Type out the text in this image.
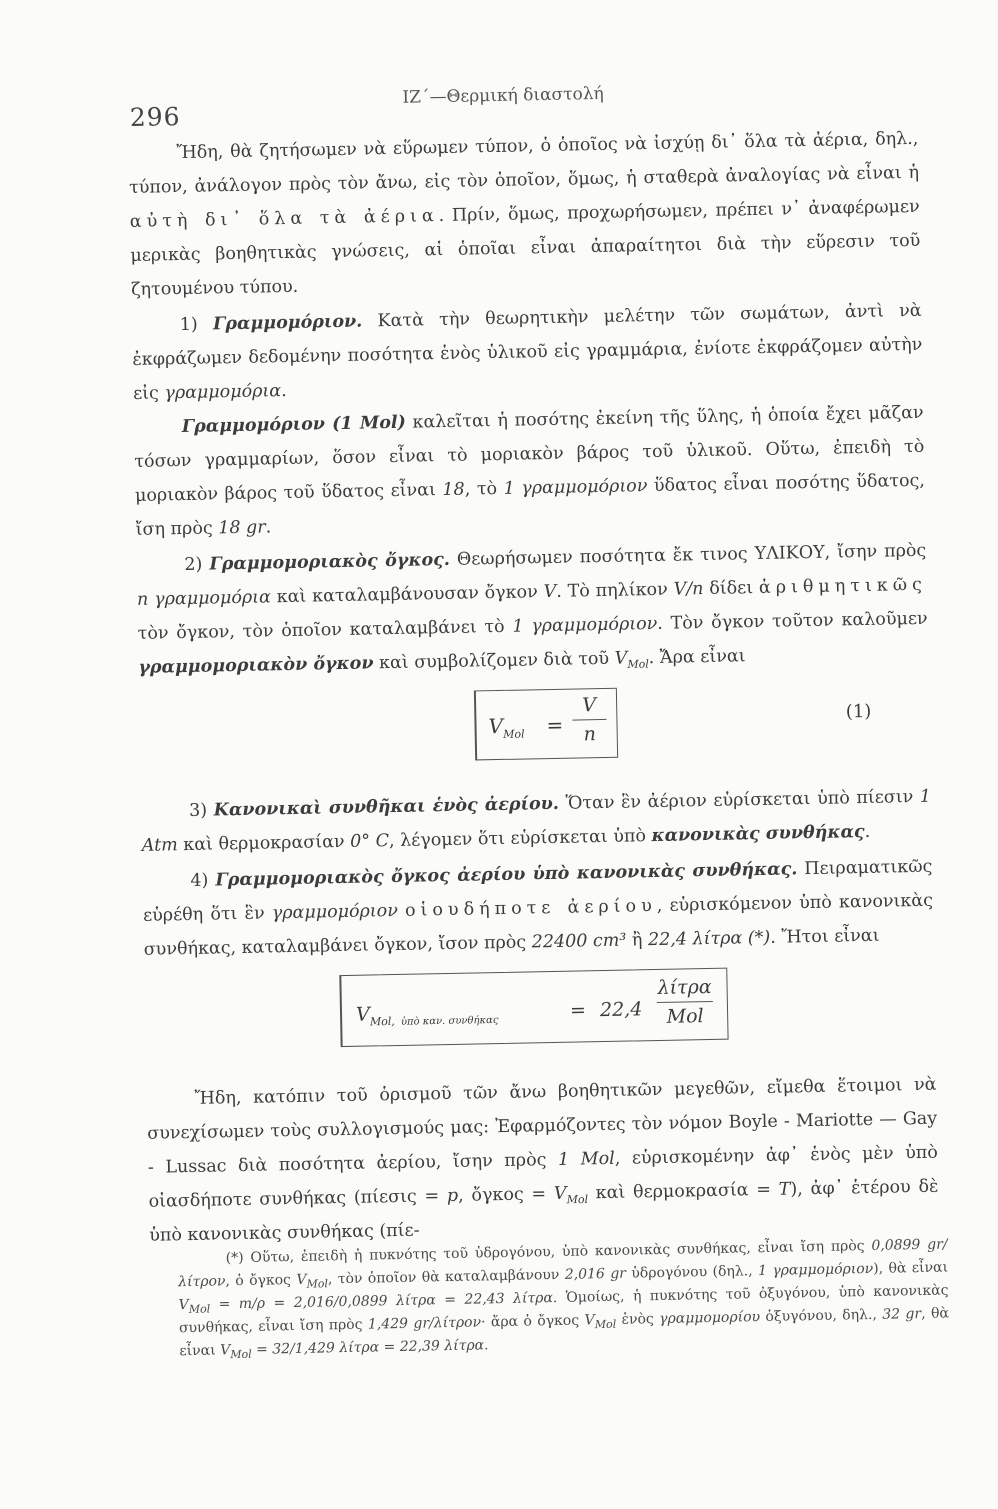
296
ΙΖ΄—Θερμική διαστολή

Ἤδη, θὰ ζητήσωμεν νὰ εὕρωμεν τύπον, ὁ ὁποῖος νὰ ἰσχύῃ δι᾿ ὅλα τὰ ἀέρια, δηλ., τύπον, ἀνάλογον πρὸς τὸν ἄνω, εἰς τὸν ὁποῖον, ὅμως, ἡ σταθερὰ ἀναλογίας νὰ εἶναι ἡ αὐτὴ δι᾿ ὅλα τὰ ἀέρια. Πρίν, ὅμως, προχωρήσωμεν, πρέπει ν᾿ ἀναφέρωμεν μερικὰς βοηθητικὰς γνώσεις, αἱ ὁποῖαι εἶναι ἀπαραίτητοι διὰ τὴν εὕρεσιν τοῦ ζητουμένου τύπου.

1) Γραμμομόριον. Κατὰ τὴν θεωρητικὴν μελέτην τῶν σωμάτων, ἀντὶ νὰ ἐκφράζωμεν δεδομένην ποσότητα ἑνὸς ὑλικοῦ εἰς γραμμάρια, ἐνίοτε ἐκφράζομεν αὐτὴν εἰς γραμμομόρια.

Γραμμομόριον (1 Mol) καλεῖται ἡ ποσότης ἐκείνη τῆς ὕλης, ἡ ὁποία ἔχει μᾶζαν τόσων γραμμαρίων, ὅσον εἶναι τὸ μοριακὸν βάρος τοῦ ὑλικοῦ. Οὕτω, ἐπειδὴ τὸ μοριακὸν βάρος τοῦ ὕδατος εἶναι 18, τὸ 1 γραμμομόριον ὕδατος εἶναι ποσότης ὕδατος, ἴση πρὸς 18 gr.

2) Γραμμομοριακὸς ὄγκος. Θεωρήσωμεν ποσότητα ἔκ τινος ΥΛΙΚΟΥ, ἴσην πρὸς n γραμμομόρια καὶ καταλαμβάνουσαν ὄγκον V. Τὸ πηλίκον V/n δίδει ἀριθμητικῶς τὸν ὄγκον, τὸν ὁποῖον καταλαμβάνει τὸ 1 γραμμομόριον. Τὸν ὄγκον τοῦτον καλοῦμεν γραμμομοριακὸν ὄγκον καὶ συμβολίζομεν διὰ τοῦ $V_{Mol}$. Ἄρα εἶναι

$V_{Mol}$ =
V
n
(1)

3) Κανονικαὶ συνθῆκαι ἑνὸς ἀερίου. Ὅταν ἓν ἀέριον εὑρίσκεται ὑπὸ πίεσιν 1 Atm καὶ θερμοκρασίαν 0° C, λέγομεν ὅτι εὑρίσκεται ὑπὸ κανονικὰς συνθήκας.

4) Γραμμομοριακὸς ὄγκος ἀερίου ὑπὸ κανονικὰς συνθήκας. Πειραματικῶς εὑρέθη ὅτι ἓν γραμμομόριον οἱουδήποτε ἀερίου, εὑρισκόμενον ὑπὸ κανονικὰς συνθήκας, καταλαμβάνει ὄγκον, ἴσον πρὸς 22400 cm³ ἢ 22,4 λίτρα (*). Ἤτοι εἶναι

$V_{Mol,}$ $_{ὑ\pi ὸ \kappa\alpha\nu. \sigma\upsilon\nu\theta ή\kappa\alpha\varsigma}$	= 22,4
λίτρα
Mol

Ἤδη, κατόπιν τοῦ ὁρισμοῦ τῶν ἄνω βοηθητικῶν μεγεθῶν, εἴμεθα ἕτοιμοι νὰ συνεχίσωμεν τοὺς συλλογισμούς μας: Ἐφαρμόζοντες τὸν νόμον Boyle - Mariotte — Gay - Lussac διὰ ποσότητα ἀερίου, ἴσην πρὸς 1 Mol, εὑρισκομένην ἀφ᾿ ἑνὸς μὲν ὑπὸ οἱασδήποτε συνθήκας (πίεσις = p, ὄγκος = $V_{Mol}$ καὶ θερμοκρασία = T), ἀφ᾿ ἑτέρου δὲ ὑπὸ κανονικὰς συνθήκας (πίε-

(*) Οὕτω, ἐπειδὴ ἡ πυκνότης τοῦ ὑδρογόνου, ὑπὸ κανονικὰς συνθήκας, εἶναι ἴση πρὸς 0,0899 gr/λίτρον, ὁ ὄγκος $V_{Mol}$, τὸν ὁποῖον θὰ καταλαμβάνουν 2,016 gr ὑδρογόνου (δηλ., 1 γραμμομόριον), θὰ εἶναι $V_{Mol} = m/\rho = 2,016/0,0899$ λίτρα = 22,43 λίτρα. Ὁμοίως, ἡ πυκνότης τοῦ ὀξυγόνου, ὑπὸ κανονικὰς συνθήκας, εἶναι ἴση πρὸς 1,429 gr/λίτρον· ἄρα ὁ ὄγκος $V_{Mol}$ ἑνὸς γραμμομορίου ὀξυγόνου, δηλ., 32 gr, θὰ εἶναι $V_{Mol} = 32/1,429$ λίτρα = 22,39 λίτρα.
